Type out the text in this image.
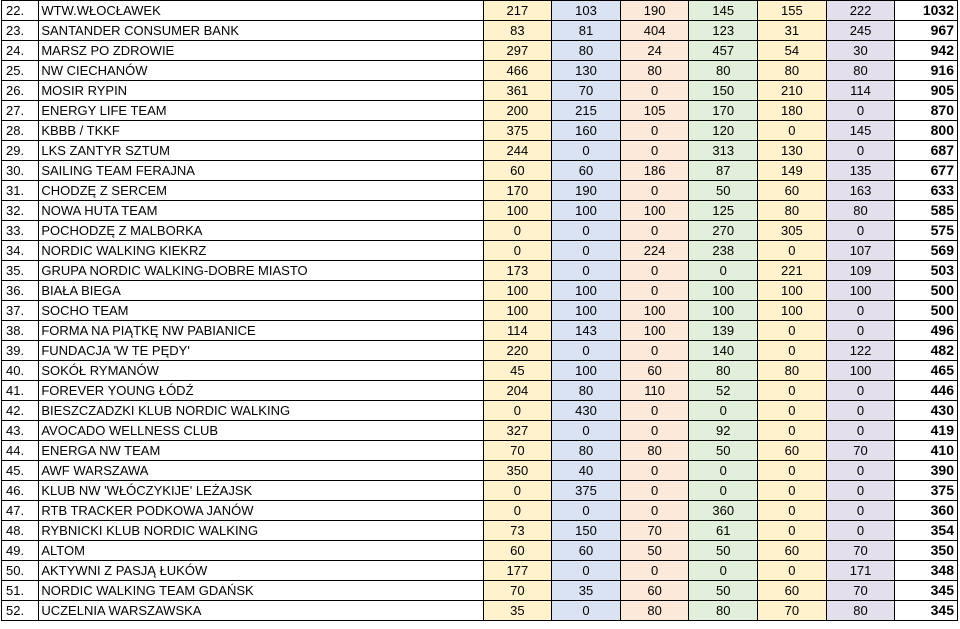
22.	WTW.WŁOCŁAWEK	217	103	190	145	155	222	1032
23.	SANTANDER CONSUMER BANK	83	81	404	123	31	245	967
24.	MARSZ PO ZDROWIE	297	80	24	457	54	30	942
25.	NW CIECHANÓW	466	130	80	80	80	80	916
26.	MOSIR RYPIN	361	70	0	150	210	114	905
27.	ENERGY LIFE TEAM	200	215	105	170	180	0	870
28.	KBBB / TKKF	375	160	0	120	0	145	800
29.	LKS ZANTYR SZTUM	244	0	0	313	130	0	687
30.	SAILING TEAM FERAJNA	60	60	186	87	149	135	677
31.	CHODZĘ Z SERCEM	170	190	0	50	60	163	633
32.	NOWA HUTA TEAM	100	100	100	125	80	80	585
33.	POCHODZĘ Z MALBORKA	0	0	0	270	305	0	575
34.	NORDIC WALKING KIEKRZ	0	0	224	238	0	107	569
35.	GRUPA NORDIC WALKING-DOBRE MIASTO	173	0	0	0	221	109	503
36.	BIAŁA BIEGA	100	100	0	100	100	100	500
37.	SOCHO TEAM	100	100	100	100	100	0	500
38.	FORMA NA PIĄTKĘ NW PABIANICE	114	143	100	139	0	0	496
39.	FUNDACJA 'W TE PĘDY'	220	0	0	140	0	122	482
40.	SOKÓŁ RYMANÓW	45	100	60	80	80	100	465
41.	FOREVER YOUNG ŁÓDŹ	204	80	110	52	0	0	446
42.	BIESZCZADZKI KLUB NORDIC WALKING	0	430	0	0	0	0	430
43.	AVOCADO WELLNESS CLUB	327	0	0	92	0	0	419
44.	ENERGA NW TEAM	70	80	80	50	60	70	410
45.	AWF WARSZAWA	350	40	0	0	0	0	390
46.	KLUB NW 'WŁÓCZYKIJE' LEŻAJSK	0	375	0	0	0	0	375
47.	RTB TRACKER PODKOWA JANÓW	0	0	0	360	0	0	360
48.	RYBNICKI KLUB NORDIC WALKING	73	150	70	61	0	0	354
49.	ALTOM	60	60	50	50	60	70	350
50.	AKTYWNI Z PASJĄ ŁUKÓW	177	0	0	0	0	171	348
51.	NORDIC WALKING TEAM GDAŃSK	70	35	60	50	60	70	345
52.	UCZELNIA WARSZAWSKA	35	0	80	80	70	80	345
